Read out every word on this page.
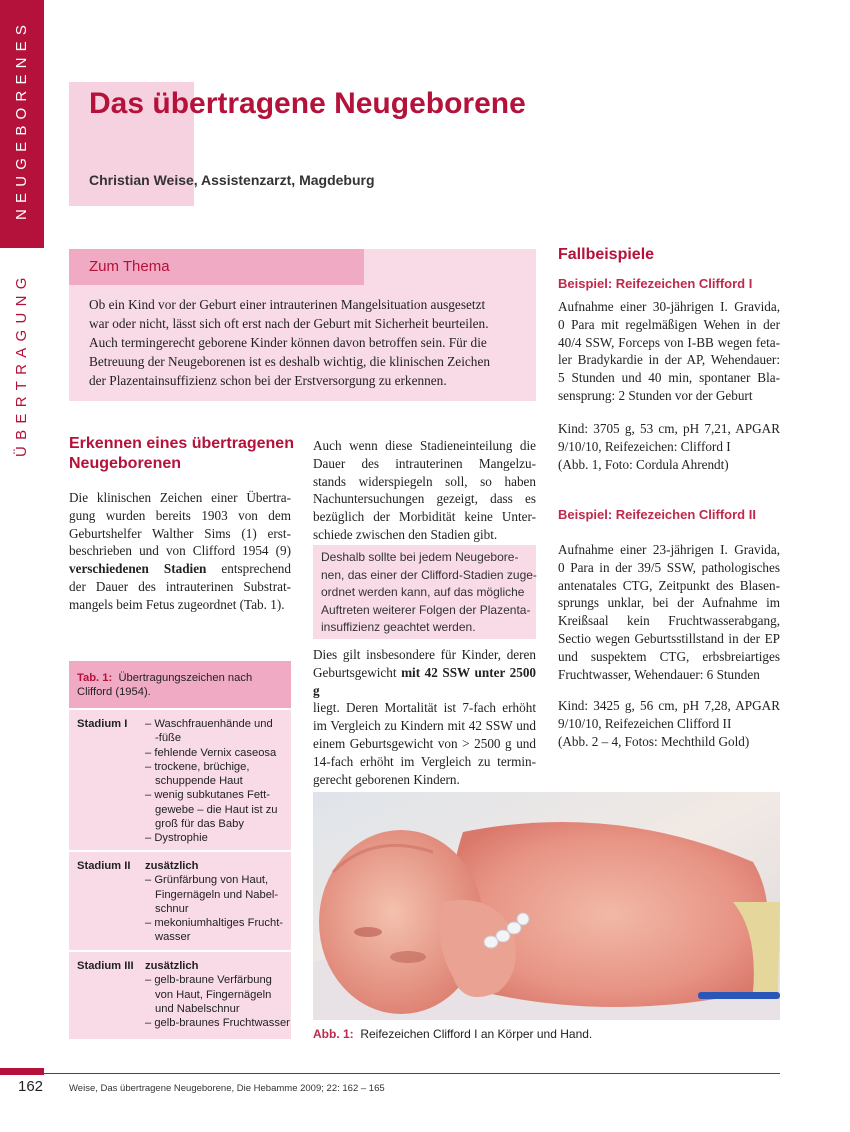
NEUGEBORENES
ÜBERTRAGUNG
Das übertragene Neugeborene
Christian Weise, Assistenzarzt, Magdeburg
Zum Thema
Ob ein Kind vor der Geburt einer intrauterinen Mangelsituation ausgesetzt
war oder nicht, lässt sich oft erst nach der Geburt mit Sicherheit beurteilen.
Auch termingerecht geborene Kinder können davon betroffen sein. Für die
Betreuung der Neugeborenen ist es deshalb wichtig, die klinischen Zeichen
der Plazentainsuffizienz schon bei der Erstversorgung zu erkennen.
Erkennen eines übertragenen
Neugeborenen
Die klinischen Zeichen einer Übertra-
gung wurden bereits 1903 von dem
Geburtshelfer Walther Sims (1) erst-
beschrieben und von Clifford 1954 (9)
verschiedenen Stadien entsprechend
der Dauer des intrauterinen Substrat-
mangels beim Fetus zugeordnet (Tab. 1).
Tab. 1: Übertragungszeichen nach
Clifford (1954).
Stadium I – Waschfrauenhände und
-füße
– fehlende Vernix caseosa
– trockene, brüchige,
schuppende Haut
– wenig subkutanes Fett-
gewebe – die Haut ist zu
groß für das Baby
– Dystrophie
Stadium II zusätzlich
– Grünfärbung von Haut,
Fingernägeln und Nabel-
schnur
– mekoniumhaltiges Frucht-
wasser
Stadium III zusätzlich
– gelb-braune Verfärbung
von Haut, Fingernägeln
und Nabelschnur
– gelb-braunes Fruchtwasser
Auch wenn diese Stadieneinteilung die
Dauer des intrauterinen Mangelzu-
stands widerspiegeln soll, so haben
Nachuntersuchungen gezeigt, dass es
bezüglich der Morbidität keine Unter-
schiede zwischen den Stadien gibt.
Deshalb sollte bei jedem Neugebore-
nen, das einer der Clifford-Stadien zuge-
ordnet werden kann, auf das mögliche
Auftreten weiterer Folgen der Plazenta-
insuffizienz geachtet werden.
Dies gilt insbesondere für Kinder, deren
Geburtsgewicht mit 42 SSW unter 2500 g
liegt. Deren Mortalität ist 7-fach erhöht
im Vergleich zu Kindern mit 42 SSW und
einem Geburtsgewicht von > 2500 g und
14-fach erhöht im Vergleich zu termin-
gerecht geborenen Kindern.
Fallbeispiele
Beispiel: Reifezeichen Clifford I
Aufnahme einer 30-jährigen I. Gravida,
0 Para mit regelmäßigen Wehen in der
40/4 SSW, Forceps von I-BB wegen feta-
ler Bradykardie in der AP, Wehendauer:
5 Stunden und 40 min, spontaner Bla-
sensprung: 2 Stunden vor der Geburt
Kind: 3705 g, 53 cm, pH 7,21, APGAR
9/10/10, Reifezeichen: Clifford I
(Abb. 1, Foto: Cordula Ahrendt)
Beispiel: Reifezeichen Clifford II
Aufnahme einer 23-jährigen I. Gravida,
0 Para in der 39/5 SSW, pathologisches
antenatales CTG, Zeitpunkt des Blasen-
sprungs unklar, bei der Aufnahme im
Kreißsaal kein Fruchtwasserabgang,
Sectio wegen Geburtsstillstand in der EP
und suspektem CTG, erbsbreiartiges
Fruchtwasser, Wehendauer: 6 Stunden
Kind: 3425 g, 56 cm, pH 7,28, APGAR
9/10/10, Reifezeichen Clifford II
(Abb. 2 – 4, Fotos: Mechthild Gold)
Abb. 1: Reifezeichen Clifford I an Körper und Hand.
162	Weise, Das übertragene Neugeborene, Die Hebamme 2009; 22: 162 – 165
